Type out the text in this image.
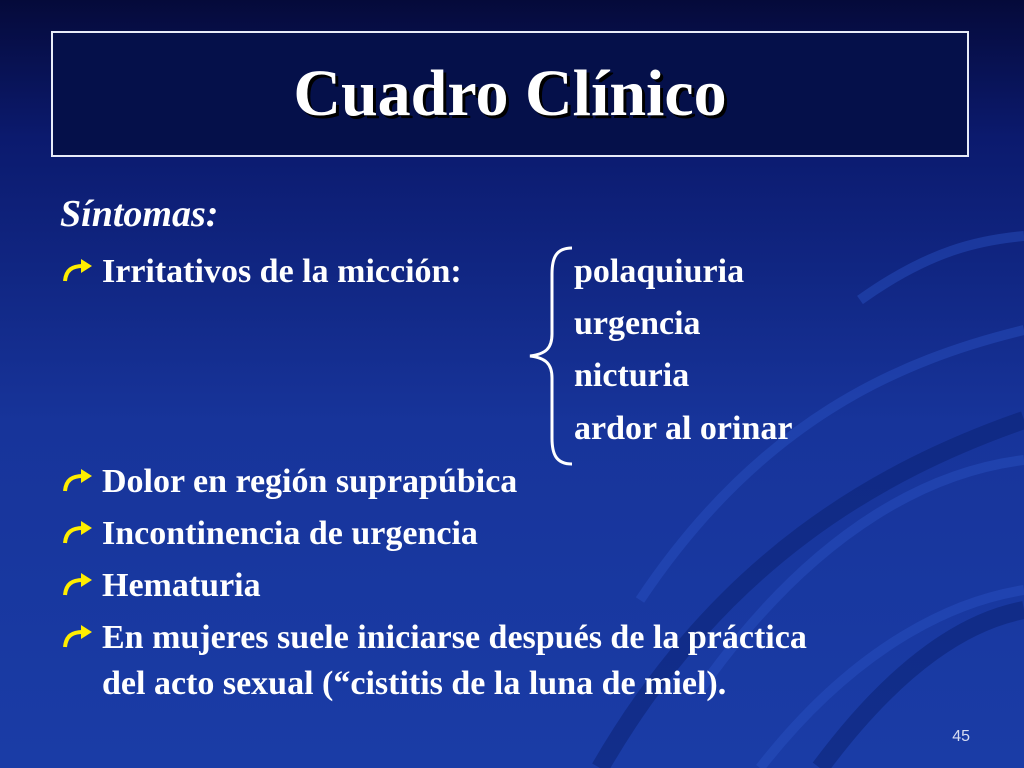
Cuadro Clínico
Síntomas:
Irritativos de la micción:	polaquiuria
urgencia
nicturia
ardor al orinar
Dolor en región suprapúbica
Incontinencia de urgencia
Hematuria
En mujeres suele iniciarse después de la práctica
del acto sexual (“cistitis de la luna de miel).
45
